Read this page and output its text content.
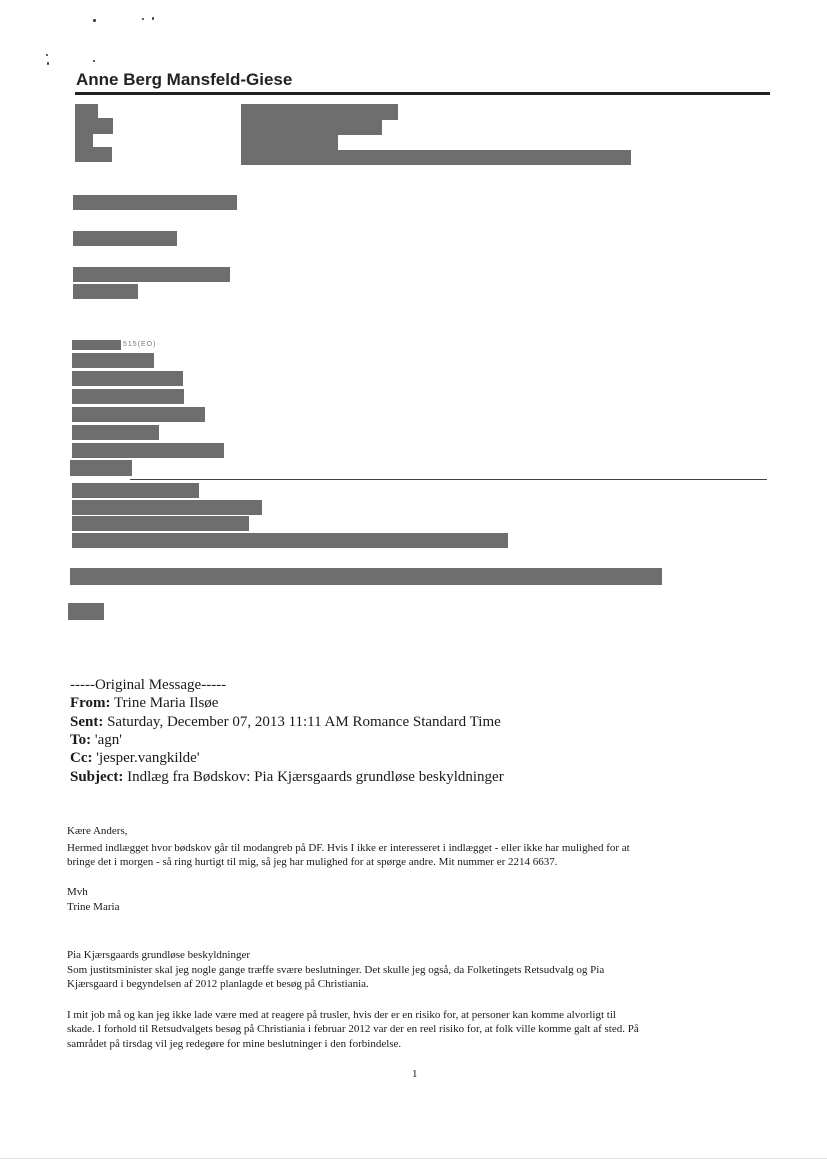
Anne Berg Mansfeld-Giese
515(EO)
-----Original Message-----
From: Trine Maria Ilsøe
Sent: Saturday, December 07, 2013 11:11 AM Romance Standard Time
To: 'agn'
Cc: 'jesper.vangkilde'
Subject: Indlæg fra Bødskov: Pia Kjærsgaards grundløse beskyldninger
Kære Anders,
Hermed indlægget hvor bødskov går til modangreb på DF. Hvis I ikke er interesseret i indlægget - eller ikke har mulighed for at
bringe det i morgen - så ring hurtigt til mig, så jeg har mulighed for at spørge andre. Mit nummer er 2214 6637.
Mvh
Trine Maria
Pia Kjærsgaards grundløse beskyldninger
Som justitsminister skal jeg nogle gange træffe svære beslutninger. Det skulle jeg også, da Folketingets Retsudvalg og Pia
Kjærsgaard i begyndelsen af 2012 planlagde et besøg på Christiania.
I mit job må og kan jeg ikke lade være med at reagere på trusler, hvis der er en risiko for, at personer kan komme alvorligt til
skade. I forhold til Retsudvalgets besøg på Christiania i februar 2012 var der en reel risiko for, at folk ville komme galt af sted. På
samrådet på tirsdag vil jeg redegøre for mine beslutninger i den forbindelse.
1
